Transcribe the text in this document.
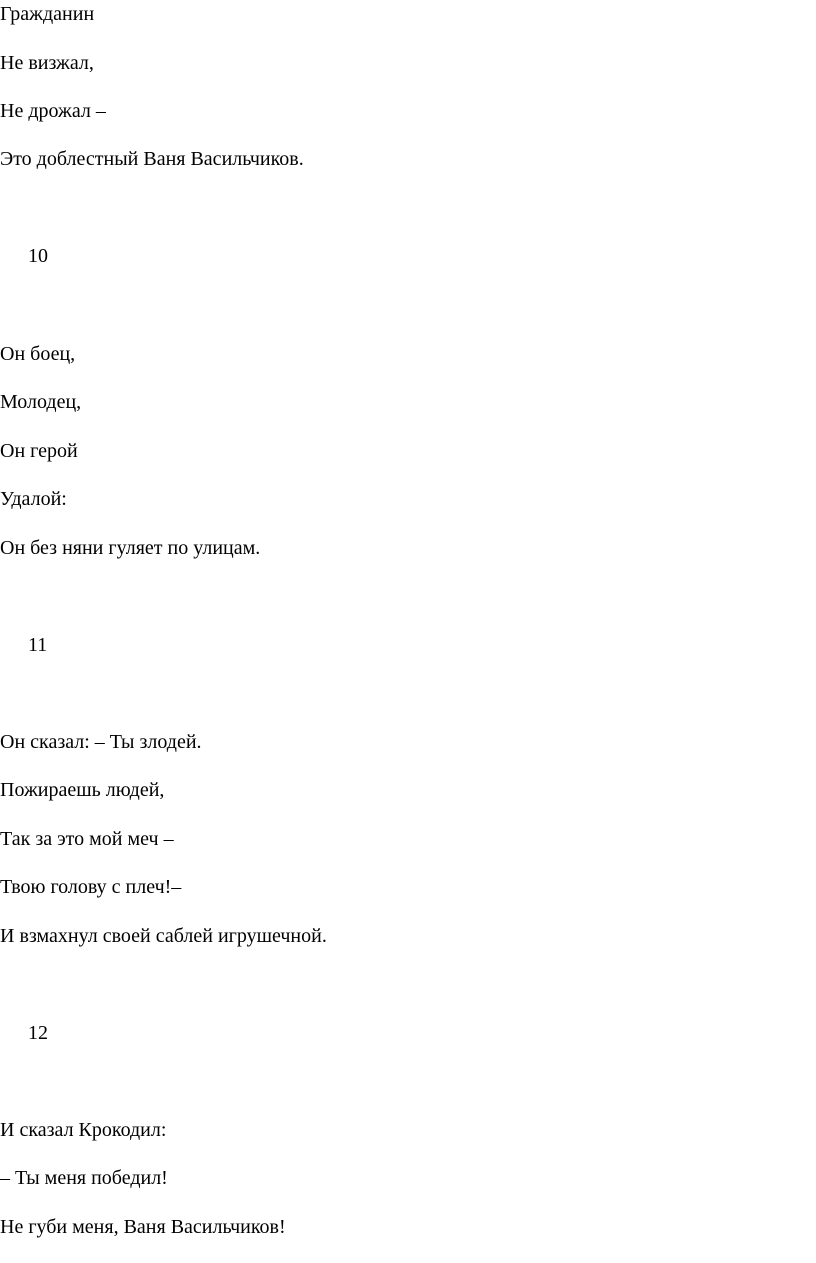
Гражданин

Не визжал,

Не дрожал –

Это доблестный Ваня Васильчиков.

10

Он боец,

Молодец,

Он герой

Удалой:

Он без няни гуляет по улицам.

11

Он сказал: – Ты злодей.

Пожираешь людей,

Так за это мой меч –

Твою голову с плеч!–

И взмахнул своей саблей игрушечной.

12

И сказал Крокодил:

– Ты меня победил!

Не губи меня, Ваня Васильчиков!
